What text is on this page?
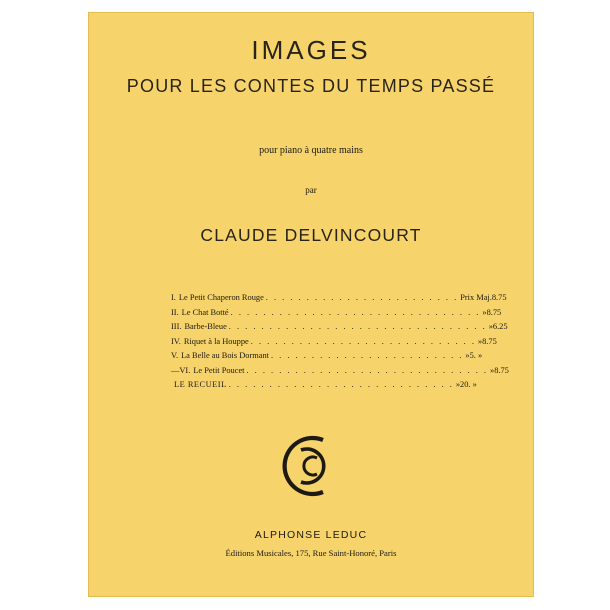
IMAGES
POUR LES CONTES DU TEMPS PASSÉ
pour piano à quatre mains
par
CLAUDE DELVINCOURT
I. Le Petit Chaperon Rouge . . . . . . . . . . . . . . . . . . . . . . . . Prix Maj. 8.75
II. Le Chat Botté . . . . . . . . . . . . . . . . . . . . . . . . . . . . . . . » 8.75
III. Barbe-Bleue . . . . . . . . . . . . . . . . . . . . . . . . . . . . . . . . » 6.25
IV. Riquet à la Houppe . . . . . . . . . . . . . . . . . . . . . . . . . . . . » 8.75
V. La Belle au Bois Dormant . . . . . . . . . . . . . . . . . . . . . . . . » 5. »
—VI. Le Petit Poucet . . . . . . . . . . . . . . . . . . . . . . . . . . . . . . » 8.75
LE RECUEIL . . . . . . . . . . . . . . . . . . . . . . . . . . . . » 20. »
ALPHONSE LEDUC
Éditions Musicales, 175, Rue Saint-Honoré, Paris
